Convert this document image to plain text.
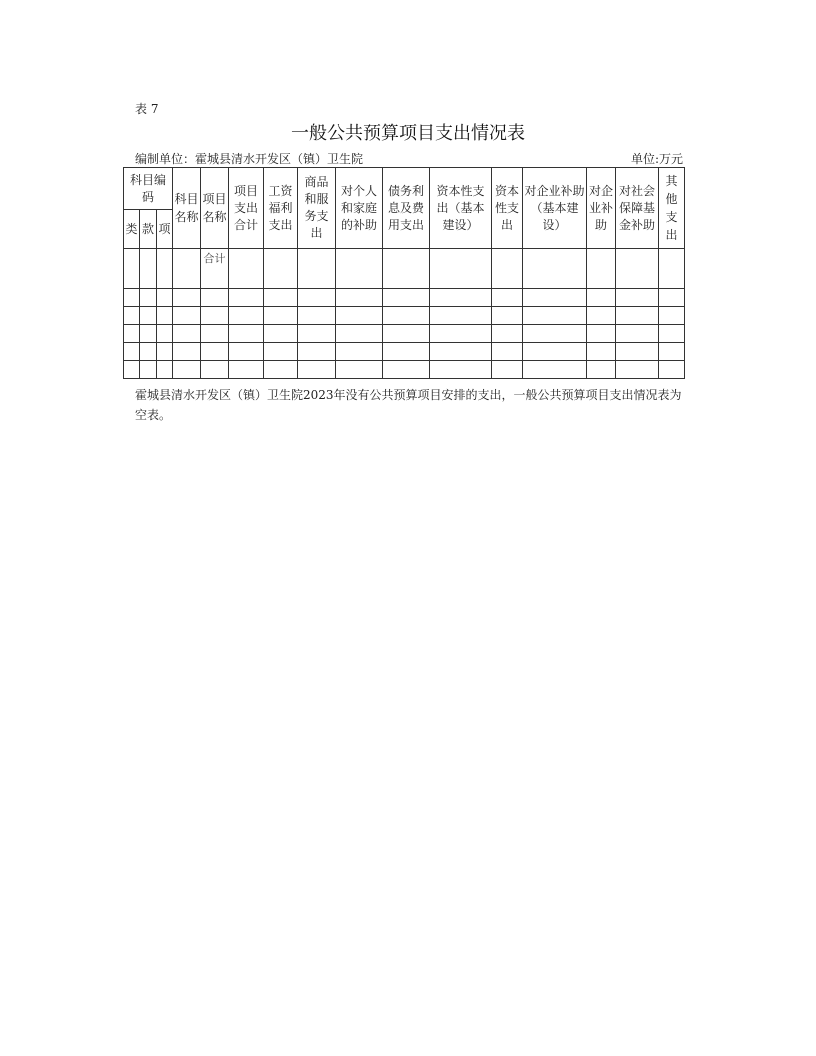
表 7
一般公共预算项目支出情况表
编制单位：霍城县清水开发区（镇）卫生院	单位:万元
科目编码			科目名称	项目名称	项目支出合计	工资福利支出	商品和服务支出	对个人和家庭的补助	债务利息及费用支出	资本性支出（基本建设）	资本性支出	对企业补助（基本建设）	对企业补助	对社会保障基金补助	其他支出
类	款	项													
				合计											

霍城县清水开发区（镇）卫生院2023年没有公共预算项目安排的支出，一般公共预算项目支出情况表为空表。
